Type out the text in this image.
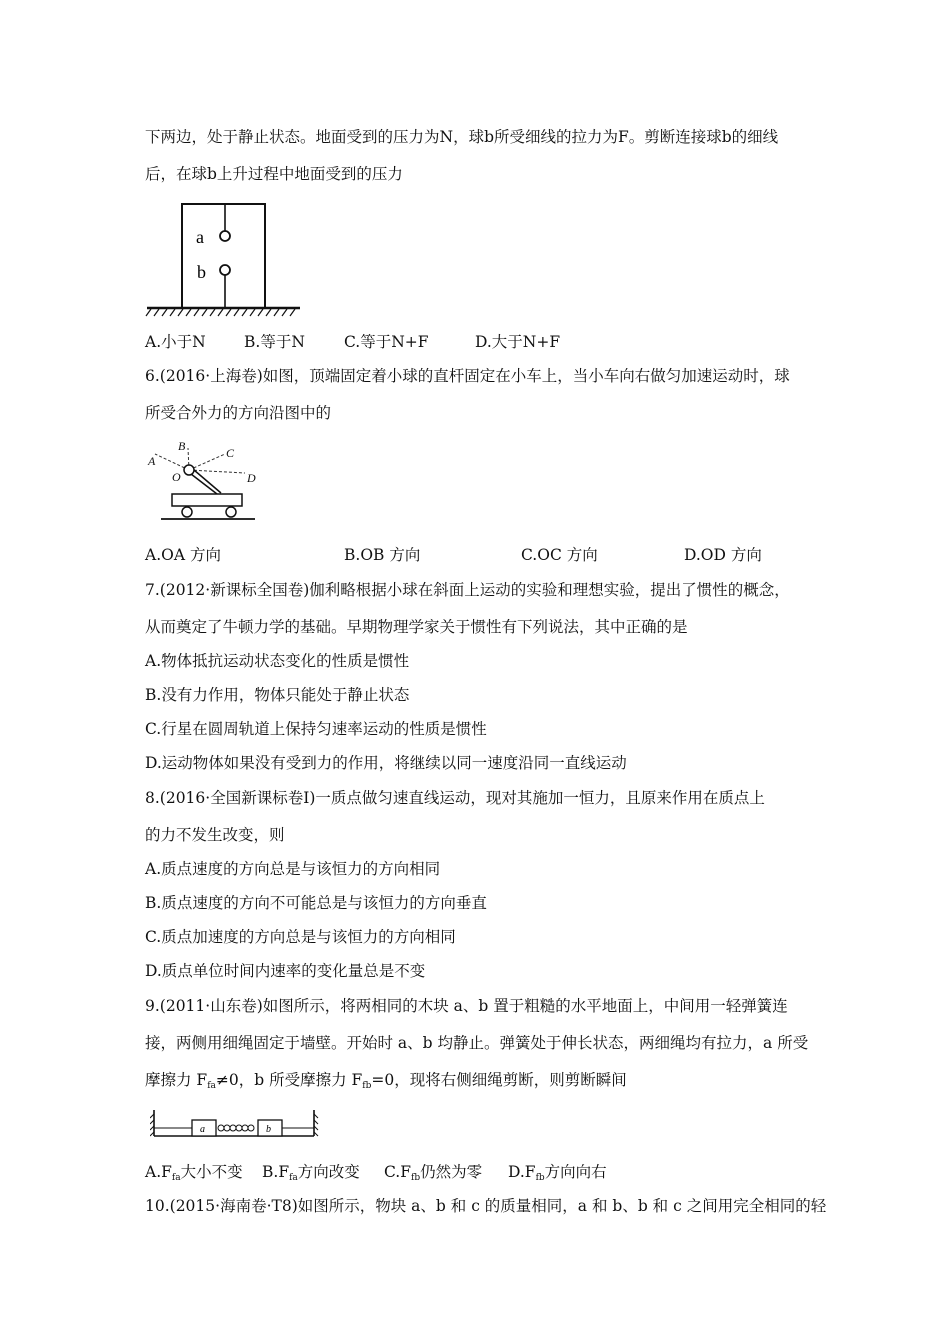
下两边，处于静止状态。地面受到的压力为N，球b所受细线的拉力为F。剪断连接球b的细线
后，在球b上升过程中地面受到的压力
a
b
A.小于N B.等于N	C.等于N+F	D.大于N+F
6.(2016·上海卷)如图，顶端固定着小球的直杆固定在小车上，当小车向右做匀加速运动时，球
所受合外力的方向沿图中的
A
B	C
D
O
A.OA 方向	B.OB 方向	C.OC 方向	D.OD 方向
7.(2012·新课标全国卷)伽利略根据小球在斜面上运动的实验和理想实验，提出了惯性的概念，
从而奠定了牛顿力学的基础。早期物理学家关于惯性有下列说法，其中正确的是
A.物体抵抗运动状态变化的性质是惯性
B.没有力作用，物体只能处于静止状态
C.行星在圆周轨道上保持匀速率运动的性质是惯性
D.运动物体如果没有受到力的作用，将继续以同一速度沿同一直线运动
8.(2016·全国新课标卷Ⅰ)一质点做匀速直线运动，现对其施加一恒力，且原来作用在质点上
的力不发生改变，则
A.质点速度的方向总是与该恒力的方向相同
B.质点速度的方向不可能总是与该恒力的方向垂直
C.质点加速度的方向总是与该恒力的方向相同
D.质点单位时间内速率的变化量总是不变
9.(2011·山东卷)如图所示，将两相同的木块 a、b 置于粗糙的水平地面上，中间用一轻弹簧连
接，两侧用细绳固定于墙壁。开始时 a、b 均静止。弹簧处于伸长状态，两细绳均有拉力，a 所受
摩擦力 $F_{fa}\ne 0$，b 所受摩擦力 $F_{fb}=0$，现将右侧细绳剪断，则剪断瞬间
a	b
$A.F_{fa}$大小不变 $B.F_{fa}$方向改变 $C.F_{fb}$仍然为零 $D.F_{fb}$方向向右
10.(2015·海南卷·T8)如图所示，物块 a、b 和 c 的质量相同，a 和 b、b 和 c 之间用完全相同的轻
